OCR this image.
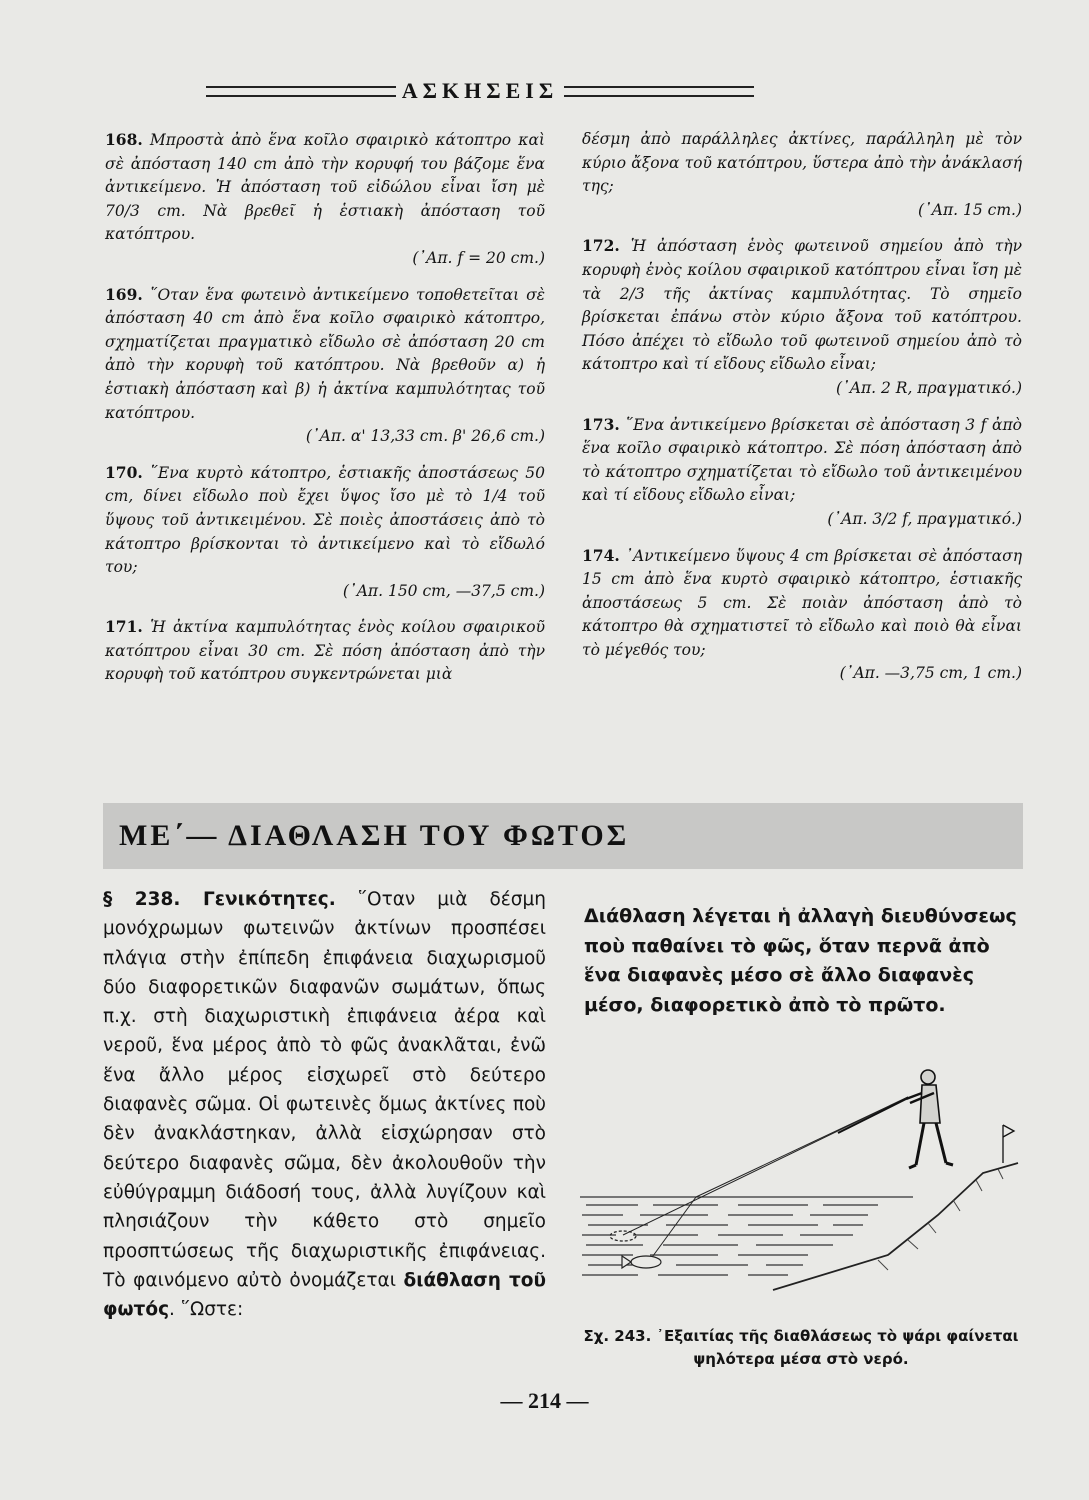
ΑΣΚΗΣΕΙΣ

168. Μπροστὰ ἀπὸ ἕνα κοῖλο σφαιρικὸ κάτοπτρο καὶ σὲ ἀπόσταση 140 cm ἀπὸ τὴν κορυφή του βάζομε ἕνα ἀντικείμενο. Ἡ ἀπόσταση τοῦ εἰδώλου εἶναι ἴση μὲ 70/3 cm. Νὰ βρεθεῖ ἡ ἑστιακὴ ἀπόσταση τοῦ κατόπτρου.
(᾿Απ. f = 20 cm.)

169. ῞Οταν ἕνα φωτεινὸ ἀντικείμενο τοποθετεῖται σὲ ἀπόσταση 40 cm ἀπὸ ἕνα κοῖλο σφαιρικὸ κάτοπτρο, σχηματίζεται πραγματικὸ εἴδωλο σὲ ἀπόσταση 20 cm ἀπὸ τὴν κορυφὴ τοῦ κατόπτρου. Νὰ βρεθοῦν α) ἡ ἑστιακὴ ἀπόσταση καὶ β) ἡ ἀκτίνα καμπυλότητας τοῦ κατόπτρου.
(᾿Απ. α' 13,33 cm. β' 26,6 cm.)

170. ῞Ενα κυρτὸ κάτοπτρο, ἑστιακῆς ἀποστάσεως 50 cm, δίνει εἴδωλο ποὺ ἔχει ὕψος ἴσο μὲ τὸ 1/4 τοῦ ὕψους τοῦ ἀντικειμένου. Σὲ ποιὲς ἀποστάσεις ἀπὸ τὸ κάτοπτρο βρίσκονται τὸ ἀντικείμενο καὶ τὸ εἴδωλό του;
(᾿Απ. 150 cm, —37,5 cm.)

171. Ἡ ἀκτίνα καμπυλότητας ἑνὸς κοίλου σφαιρικοῦ κατόπτρου εἶναι 30 cm. Σὲ πόση ἀπόσταση ἀπὸ τὴν κορυφὴ τοῦ κατόπτρου συγκεντρώνεται μιὰ

δέσμη ἀπὸ παράλληλες ἀκτίνες, παράλληλη μὲ τὸν κύριο ἄξονα τοῦ κατόπτρου, ὕστερα ἀπὸ τὴν ἀνάκλασή της;
(᾿Απ. 15 cm.)

172. Ἡ ἀπόσταση ἑνὸς φωτεινοῦ σημείου ἀπὸ τὴν κορυφὴ ἑνὸς κοίλου σφαιρικοῦ κατόπτρου εἶναι ἴση μὲ τὰ 2/3 τῆς ἀκτίνας καμπυλότητας. Τὸ σημεῖο βρίσκεται ἐπάνω στὸν κύριο ἄξονα τοῦ κατόπτρου. Πόσο ἀπέχει τὸ εἴδωλο τοῦ φωτεινοῦ σημείου ἀπὸ τὸ κάτοπτρο καὶ τί εἴδους εἴδωλο εἶναι;
(᾿Απ. 2 R, πραγματικό.)

173. ῞Ενα ἀντικείμενο βρίσκεται σὲ ἀπόσταση 3 f ἀπὸ ἕνα κοῖλο σφαιρικὸ κάτοπτρο. Σὲ πόση ἀπόσταση ἀπὸ τὸ κάτοπτρο σχηματίζεται τὸ εἴδωλο τοῦ ἀντικειμένου καὶ τί εἴδους εἴδωλο εἶναι;
(᾿Απ. 3/2 f, πραγματικό.)

174. ᾿Αντικείμενο ὕψους 4 cm βρίσκεται σὲ ἀπόσταση 15 cm ἀπὸ ἕνα κυρτὸ σφαιρικὸ κάτοπτρο, ἑστιακῆς ἀποστάσεως 5 cm. Σὲ ποιὰν ἀπόσταση ἀπὸ τὸ κάτοπτρο θὰ σχηματιστεῖ τὸ εἴδωλο καὶ ποιὸ θὰ εἶναι τὸ μέγεθός του;
(᾿Απ. —3,75 cm, 1 cm.)

ΜΕ΄— ΔΙΑΘΛΑΣΗ ΤΟΥ ΦΩΤΟΣ
§ 238. Γενικότητες. ῞Οταν μιὰ δέσμη μονόχρωμων φωτεινῶν ἀκτίνων προσπέσει πλάγια στὴν ἐπίπεδη ἐπιφάνεια διαχωρισμοῦ δύο διαφορετικῶν διαφανῶν σωμάτων, ὅπως π.χ. στὴ διαχωριστικὴ ἐπιφάνεια ἀέρα καὶ νεροῦ, ἕνα μέρος ἀπὸ τὸ φῶς ἀνακλᾶται, ἐνῶ ἕνα ἄλλο μέρος εἰσχωρεῖ στὸ δεύτερο διαφανὲς σῶμα. Οἱ φωτεινὲς ὅμως ἀκτίνες ποὺ δὲν ἀνακλάστηκαν, ἀλλὰ εἰσχώρησαν στὸ δεύτερο διαφανὲς σῶμα, δὲν ἀκολουθοῦν τὴν εὐθύγραμμη διάδοσή τους, ἀλλὰ λυγίζουν καὶ πλησιάζουν τὴν κάθετο στὸ σημεῖο προσπτώσεως τῆς διαχωριστικῆς ἐπιφάνειας. Τὸ φαινόμενο αὐτὸ ὀνομάζεται διάθλαση τοῦ φωτός. ῞Ωστε:
Διάθλαση λέγεται ἡ ἀλλαγὴ διευθύνσεως ποὺ παθαίνει τὸ φῶς, ὅταν περνᾶ ἀπὸ ἕνα διαφανὲς μέσο σὲ ἄλλο διαφανὲς μέσο, διαφορετικὸ ἀπὸ τὸ πρῶτο.
Σχ. 243. ᾿Εξαιτίας τῆς διαθλάσεως τὸ ψάρι φαίνεται ψηλότερα μέσα στὸ νερό.
— 214 —
